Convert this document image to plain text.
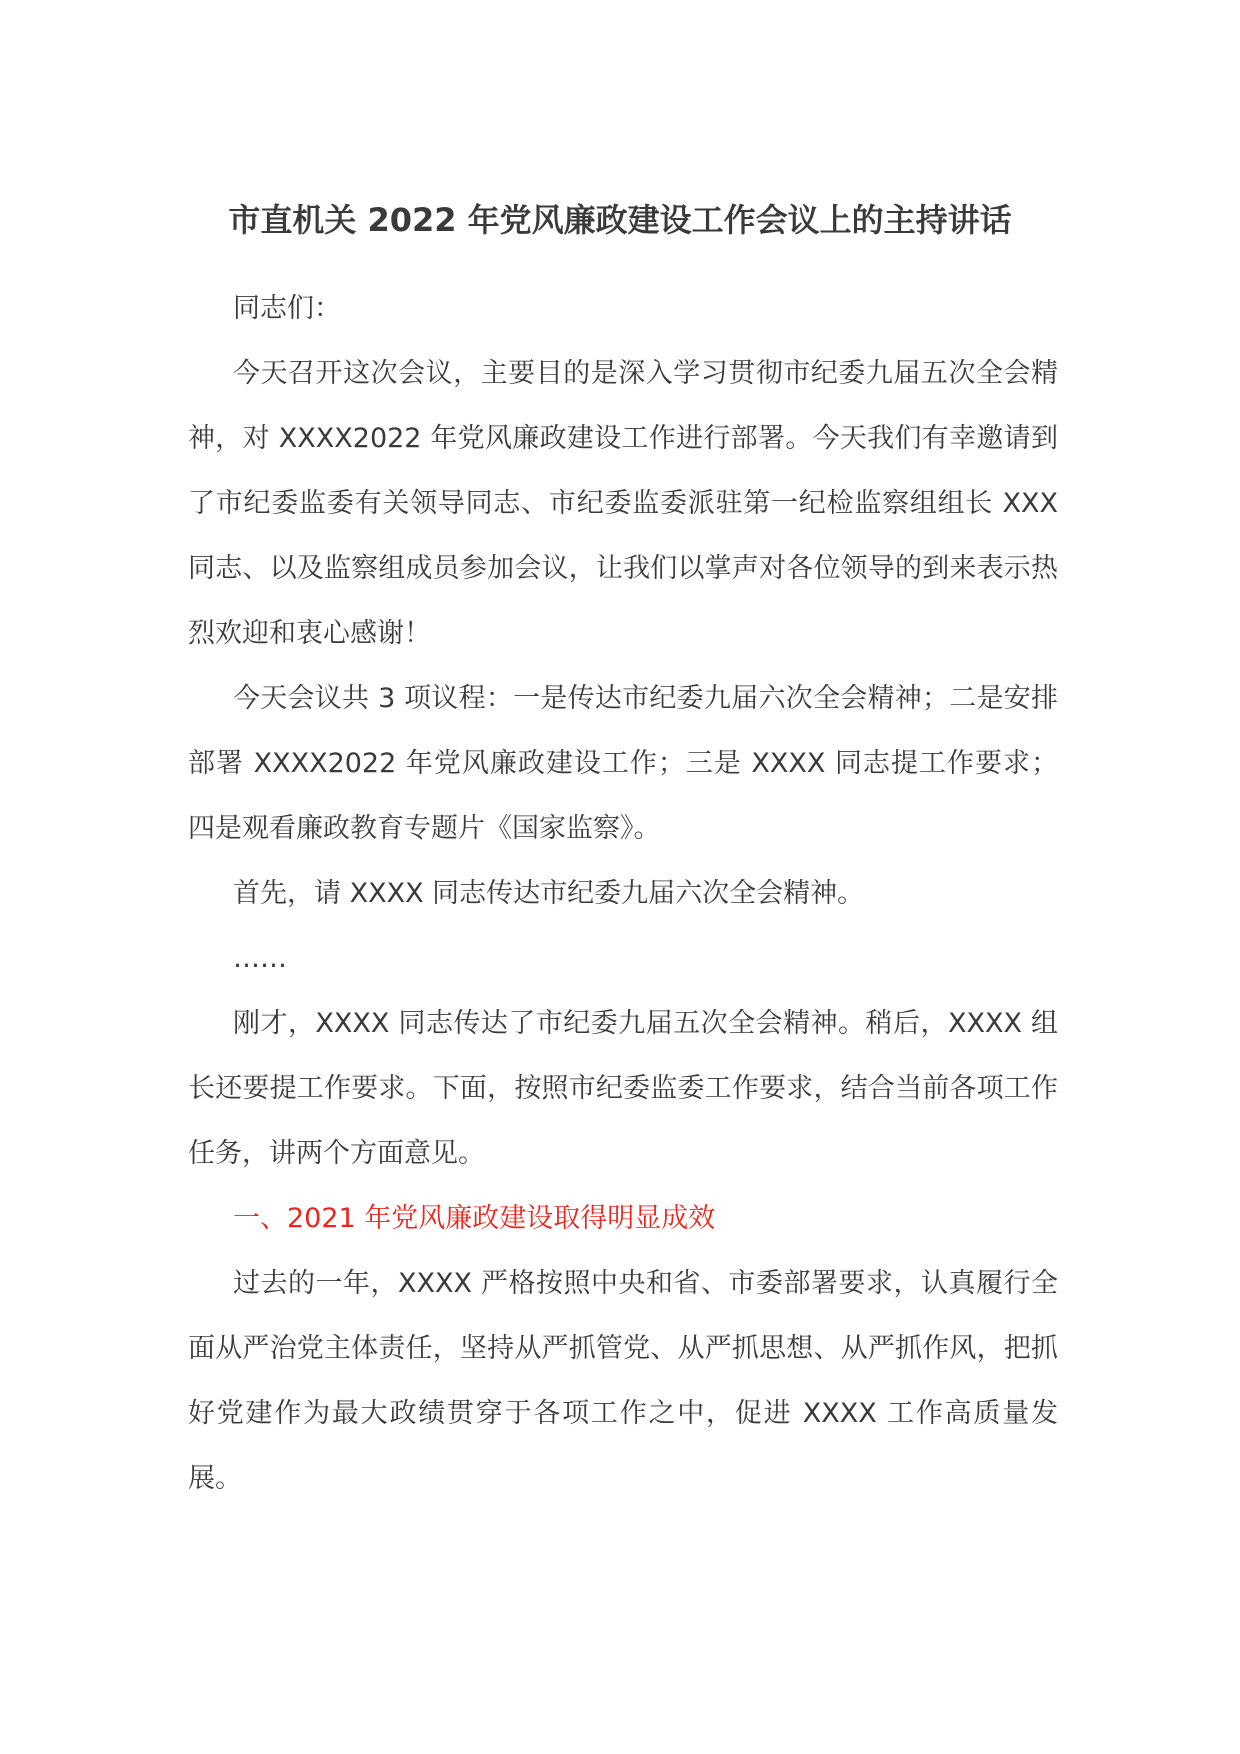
市直机关 2022 年党风廉政建设工作会议上的主持讲话

同志们：

今天召开这次会议，主要目的是深入学习贯彻市纪委九届五次全会精神，对 XXXX2022 年党风廉政建设工作进行部署。今天我们有幸邀请到了市纪委监委有关领导同志、市纪委监委派驻第一纪检监察组组长 XXX 同志、以及监察组成员参加会议，让我们以掌声对各位领导的到来表示热烈欢迎和衷心感谢！

今天会议共 3 项议程：一是传达市纪委九届六次全会精神；二是安排部署 XXXX2022 年党风廉政建设工作；三是 XXXX 同志提工作要求；四是观看廉政教育专题片《国家监察》。

首先，请 XXXX 同志传达市纪委九届六次全会精神。

……

刚才，XXXX 同志传达了市纪委九届五次全会精神。稍后，XXXX 组长还要提工作要求。下面，按照市纪委监委工作要求，结合当前各项工作任务，讲两个方面意见。

一、2021 年党风廉政建设取得明显成效

过去的一年，XXXX 严格按照中央和省、市委部署要求，认真履行全面从严治党主体责任，坚持从严抓管党、从严抓思想、从严抓作风，把抓好党建作为最大政绩贯穿于各项工作之中，促进 XXXX 工作高质量发展。
